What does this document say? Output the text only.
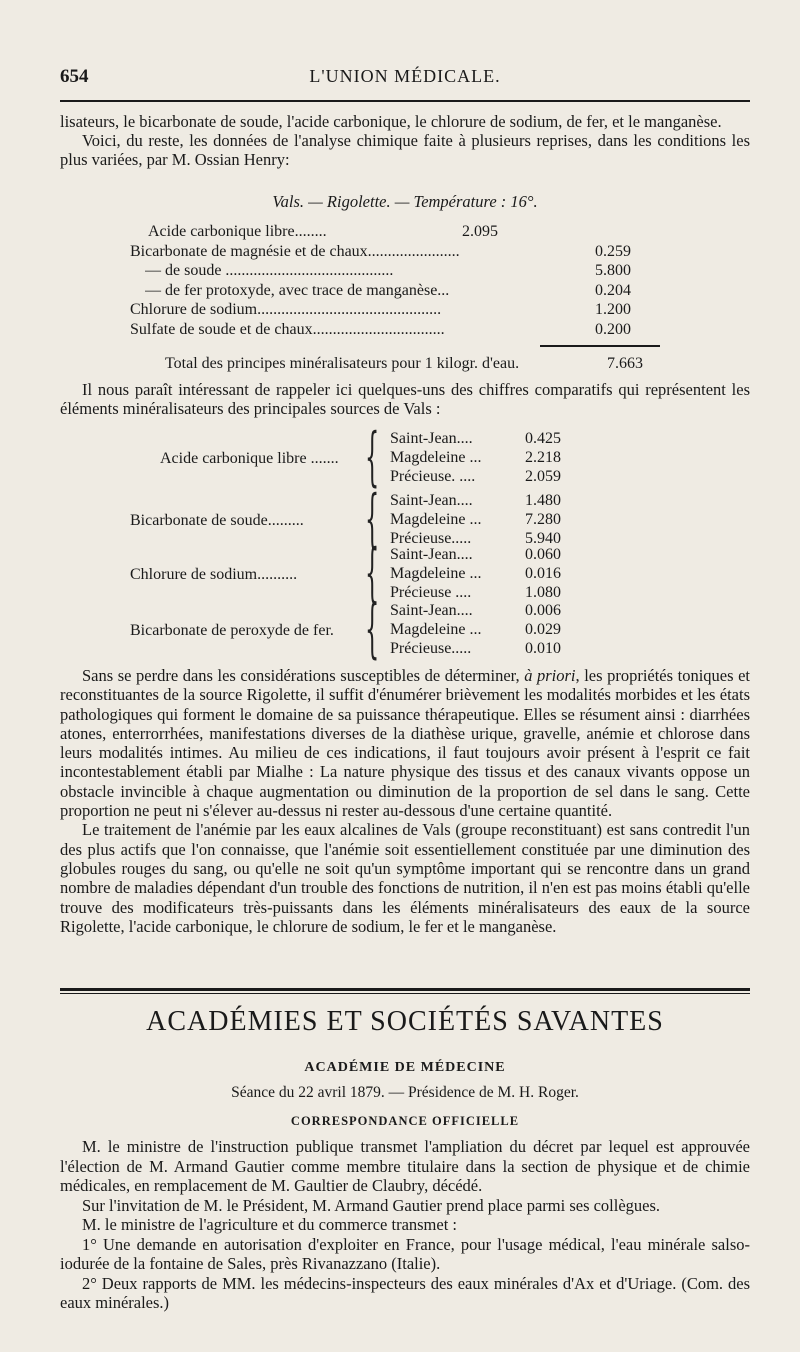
654	L'UNION MÉDICALE.

lisateurs, le bicarbonate de soude, l'acide carbonique, le chlorure de sodium, de fer, et le manganèse.

Voici, du reste, les données de l'analyse chimique faite à plusieurs reprises, dans les conditions les plus variées, par M. Ossian Henry:

Vals. — Rigolette. — Température : 16°.
Acide carbonique libre........	2.095
Bicarbonate de magnésie et de chaux.......................	0.259
— de soude ..........................................	5.800
— de fer protoxyde, avec trace de manganèse...	0.204
Chlorure de sodium..............................................	1.200
Sulfate de soude et de chaux.................................	0.200
Total des principes minéralisateurs pour 1 kilogr. d'eau.	7.663

Il nous paraît intéressant de rappeler ici quelques-uns des chiffres comparatifs qui représentent les éléments minéralisateurs des principales sources de Vals :

Acide carbonique libre ....... { Saint-Jean....	0.425
Magdeleine ...	2.218
Précieuse. ....	2.059
Bicarbonate de soude......... { Saint-Jean....	1.480
Magdeleine ...	7.280
Précieuse.....	5.940
Chlorure de sodium..........	{ Saint-Jean....	0.060
Magdeleine ...	0.016
Précieuse ....	1.080
Bicarbonate de peroxyde de fer. { Saint-Jean....	0.006
Magdeleine ...	0.029
Précieuse.....	0.010

Sans se perdre dans les considérations susceptibles de déterminer, à priori, les propriétés toniques et reconstituantes de la source Rigolette, il suffit d'énumérer brièvement les modalités morbides et les états pathologiques qui forment le domaine de sa puissance thérapeutique. Elles se résument ainsi : diarrhées atones, enterrorrhées, manifestations diverses de la diathèse urique, gravelle, anémie et chlorose dans leurs modalités intimes. Au milieu de ces indications, il faut toujours avoir présent à l'esprit ce fait incontestablement établi par Mialhe : La nature physique des tissus et des canaux vivants oppose un obstacle invincible à chaque augmentation ou diminution de la proportion de sel dans le sang. Cette proportion ne peut ni s'élever au-dessus ni rester au-dessous d'une certaine quantité.

Le traitement de l'anémie par les eaux alcalines de Vals (groupe reconstituant) est sans contredit l'un des plus actifs que l'on connaisse, que l'anémie soit essentiellement constituée par une diminution des globules rouges du sang, ou qu'elle ne soit qu'un symptôme important qui se rencontre dans un grand nombre de maladies dépendant d'un trouble des fonctions de nutrition, il n'en est pas moins établi qu'elle trouve des modificateurs très-puissants dans les éléments minéralisateurs des eaux de la source Rigolette, l'acide carbonique, le chlorure de sodium, le fer et le manganèse.

ACADÉMIES ET SOCIÉTÉS SAVANTES
ACADÉMIE DE MÉDECINE
Séance du 22 avril 1879. — Présidence de M. H. Roger.
CORRESPONDANCE OFFICIELLE

M. le ministre de l'instruction publique transmet l'ampliation du décret par lequel est approuvée l'élection de M. Armand Gautier comme membre titulaire dans la section de physique et de chimie médicales, en remplacement de M. Gaultier de Claubry, décédé.

Sur l'invitation de M. le Président, M. Armand Gautier prend place parmi ses collègues.

M. le ministre de l'agriculture et du commerce transmet :

1° Une demande en autorisation d'exploiter en France, pour l'usage médical, l'eau minérale salso-iodurée de la fontaine de Sales, près Rivanazzano (Italie).

2° Deux rapports de MM. les médecins-inspecteurs des eaux minérales d'Ax et d'Uriage. (Com. des eaux minérales.)
